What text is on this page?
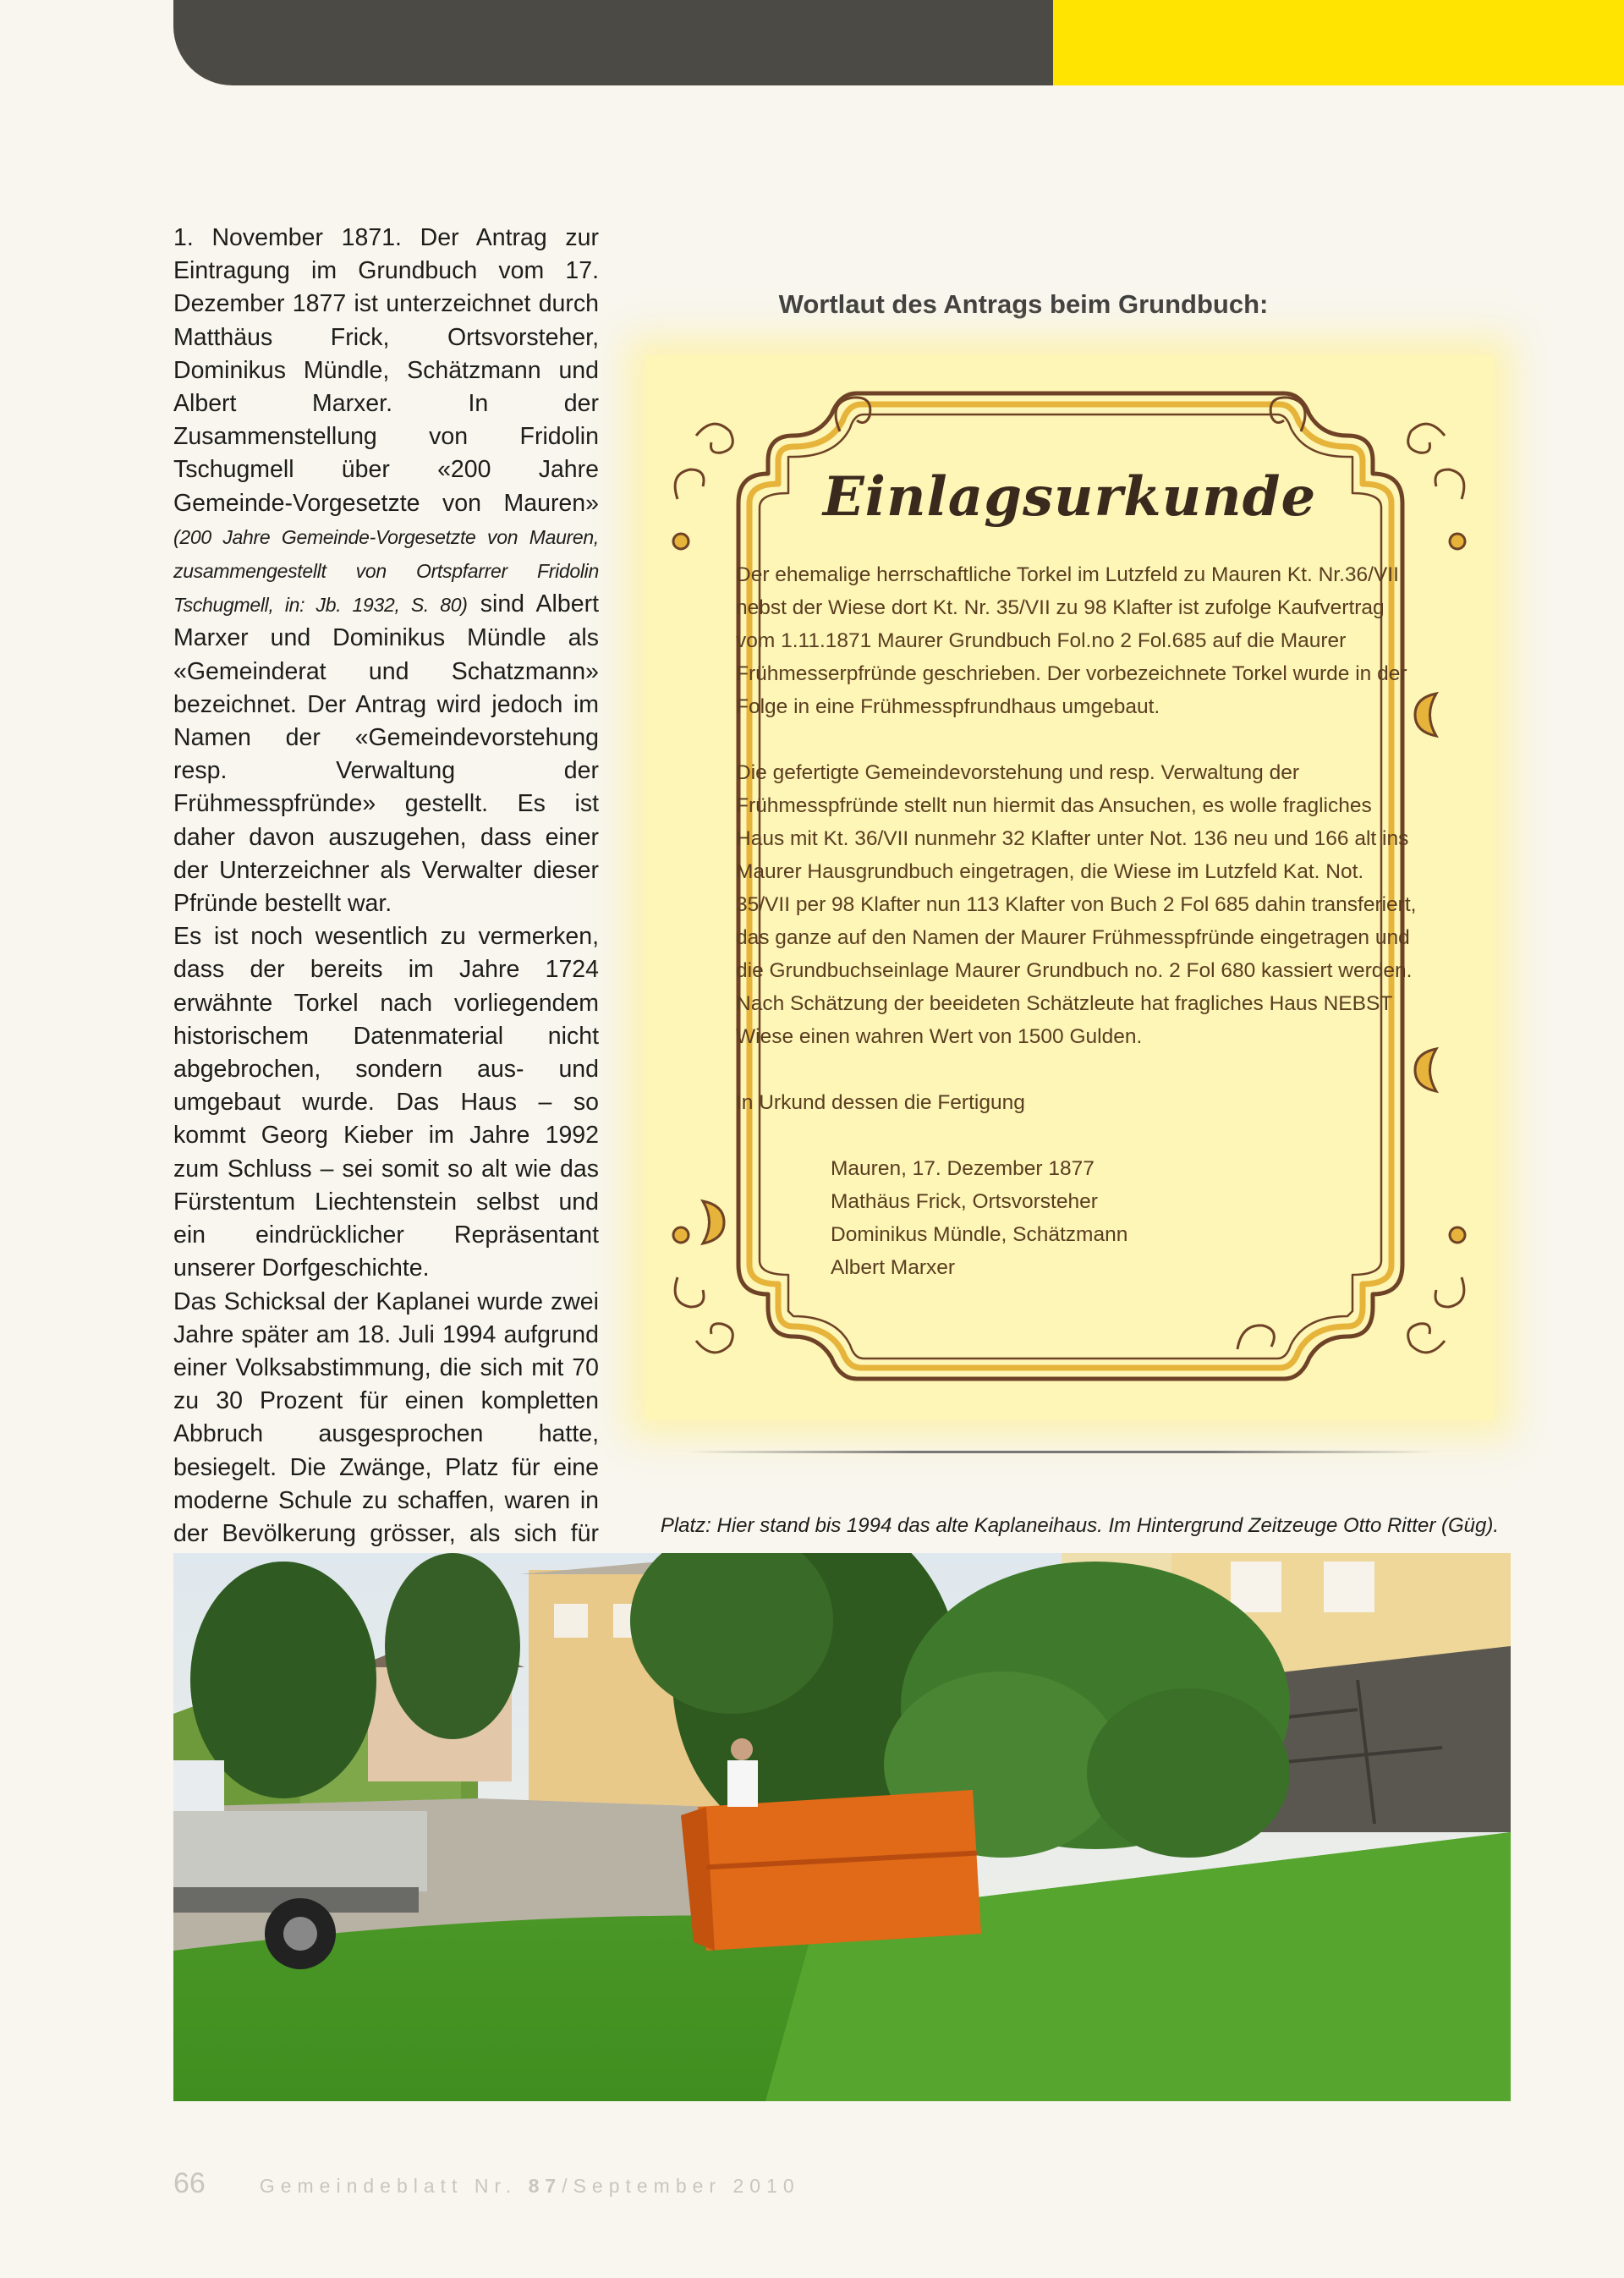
1. November 1871. Der Antrag zur Eintragung im Grundbuch vom 17. Dezember 1877 ist unterzeichnet durch Matthäus Frick, Ortsvorsteher, Dominikus Mündle, Schätzmann und Albert Marxer. In der Zusammenstellung von Fridolin Tschugmell über «200 Jahre Gemeinde-Vorgesetzte von Mauren» (200 Jahre Gemeinde-Vorgesetzte von Mauren, zusammengestellt von Ortspfarrer Fridolin Tschugmell, in: Jb. 1932, S. 80) sind Albert Marxer und Dominikus Mündle als «Gemeinderat und Schatzmann» bezeichnet. Der Antrag wird jedoch im Namen der «Gemeindevorstehung resp. Verwaltung der Frühmesspfründe» gestellt. Es ist daher davon auszugehen, dass einer der Unterzeichner als Verwalter dieser Pfründe bestellt war.

Es ist noch wesentlich zu vermerken, dass der bereits im Jahre 1724 erwähnte Torkel nach vorliegendem historischem Datenmaterial nicht abgebrochen, sondern aus- und umgebaut wurde. Das Haus – so kommt Georg Kieber im Jahre 1992 zum Schluss – sei somit so alt wie das Fürstentum Liechtenstein selbst und ein eindrücklicher Repräsentant unserer Dorfgeschichte.

Das Schicksal der Kaplanei wurde zwei Jahre später am 18. Juli 1994 aufgrund einer Volksabstimmung, die sich mit 70 zu 30 Prozent für einen kompletten Abbruch ausgesprochen hatte, besiegelt. Die Zwänge, Platz für eine moderne Schule zu schaffen, waren in der Bevölkerung grösser, als sich für

Wortlaut des Antrags beim Grundbuch:
Einlagsurkunde

Der ehemalige herrschaftliche Torkel im Lutzfeld zu Mauren Kt. Nr.36/VII nebst der Wiese dort Kt. Nr. 35/VII zu 98 Klafter ist zufolge Kaufvertrag vom 1.11.1871 Maurer Grundbuch Fol.no 2 Fol.685 auf die Maurer Frühmesserpfründe geschrieben. Der vorbezeichnete Torkel wurde in der Folge in eine Frühmesspfrundhaus umgebaut.

Die gefertigte Gemeindevorstehung und resp. Verwaltung der Frühmesspfründe stellt nun hiermit das Ansuchen, es wolle fragliches Haus mit Kt. 36/VII nunmehr 32 Klafter unter Not. 136 neu und 166 alt ins Maurer Hausgrundbuch eingetragen, die Wiese im Lutzfeld Kat. Not. 35/VII per 98 Klafter nun 113 Klafter von Buch 2 Fol 685 dahin transferiert, das ganze auf den Namen der Maurer Frühmesspfründe eingetragen und die Grundbuchseinlage Maurer Grundbuch no. 2 Fol 680 kassiert werden. Nach Schätzung der beeideten Schätzleute hat fragliches Haus NEBST Wiese einen wahren Wert von 1500 Gulden.

In Urkund dessen die Fertigung

Mauren, 17. Dezember 1877
Mathäus Frick, Ortsvorsteher
Dominikus Mündle, Schätzmann
Albert Marxer
Platz: Hier stand bis 1994 das alte Kaplaneihaus. Im Hintergrund Zeitzeuge Otto Ritter (Güg).
66	Gemeindeblatt Nr. 87/September 2010
